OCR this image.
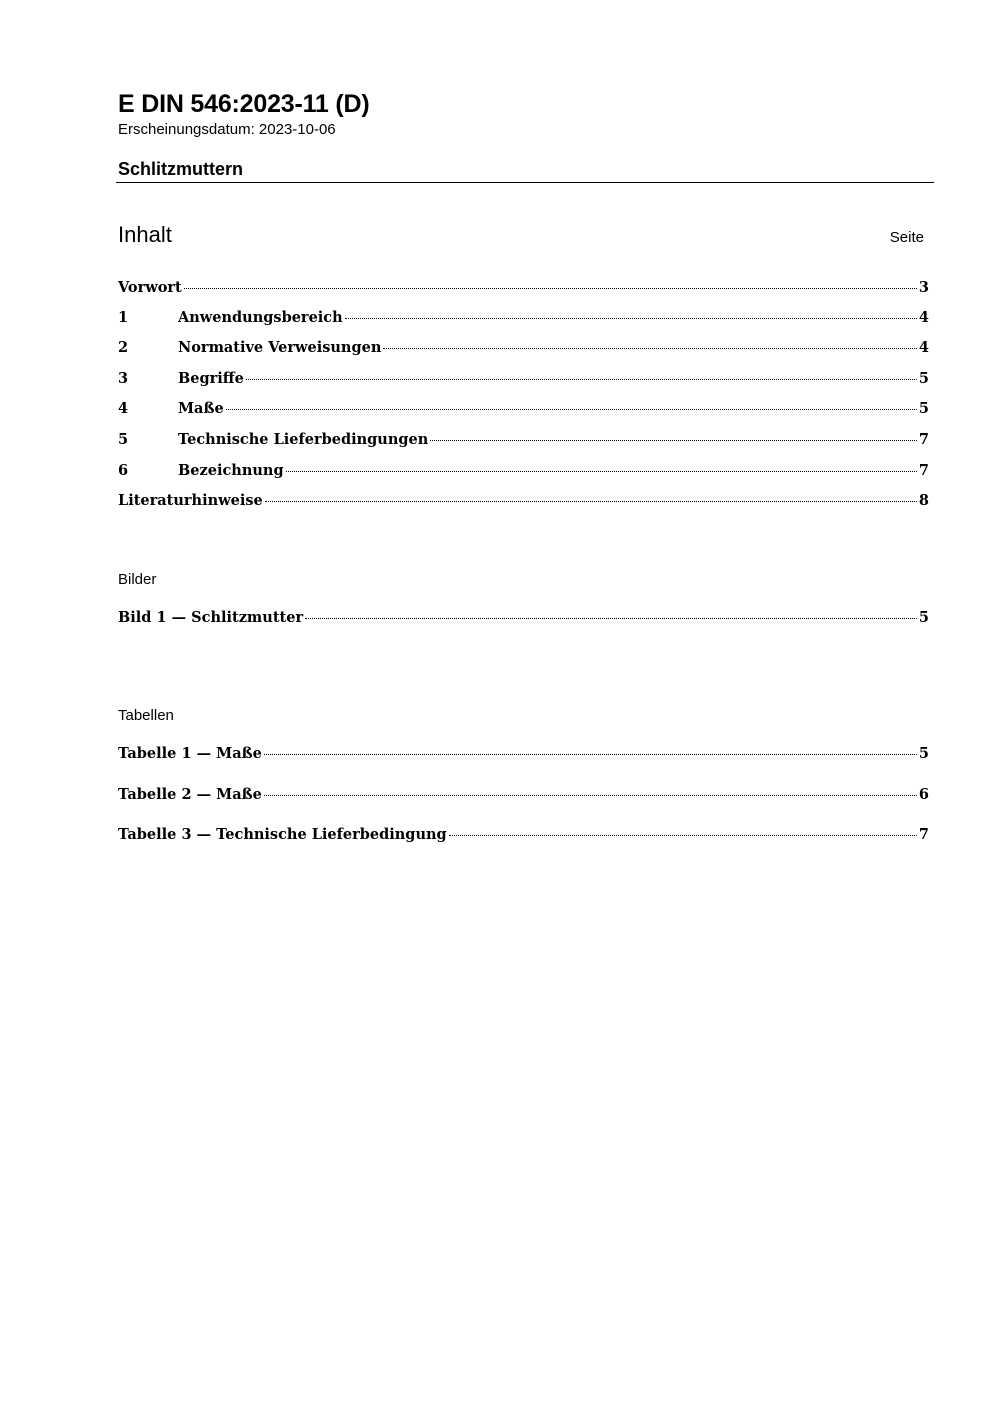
E DIN 546:2023-11 (D)
Erscheinungsdatum: 2023-10-06
Schlitzmuttern
Inhalt	Seite
Vorwort	3
1	Anwendungsbereich	4
2	Normative Verweisungen	4
3	Begriffe	5
4	Maße	5
5	Technische Lieferbedingungen	7
6	Bezeichnung	7
Literaturhinweise	8
Bilder
Bild 1 — Schlitzmutter	5
Tabellen
Tabelle 1 — Maße	5
Tabelle 2 — Maße	6
Tabelle 3 — Technische Lieferbedingung	7
